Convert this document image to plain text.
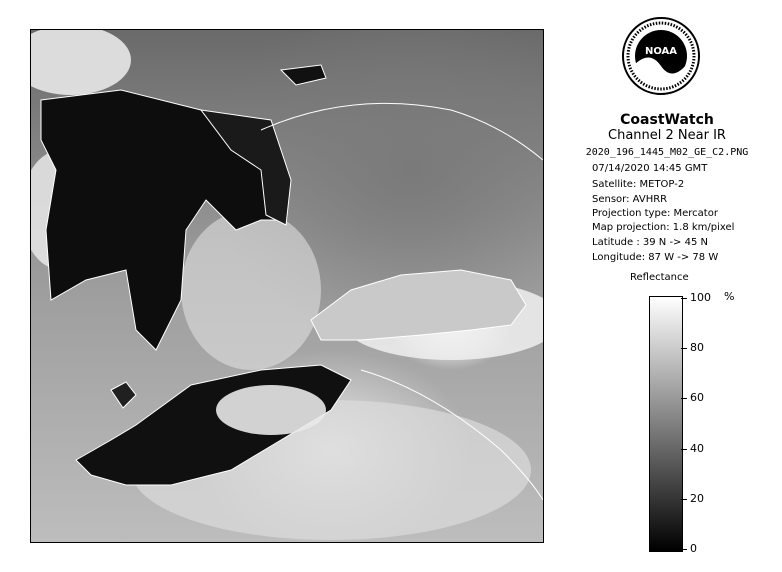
NOAA
CoastWatch
Channel 2 Near IR
2020_196_1445_M02_GE_C2.PNG
07/14/2020 14:45 GMT
Satellite: METOP-2
Sensor: AVHRR
Projection type: Mercator
Map projection: 1.8 km/pixel
Latitude : 39 N -> 45 N
Longitude: 87 W -> 78 W
Reflectance
%
100
80
60
40
20
0
